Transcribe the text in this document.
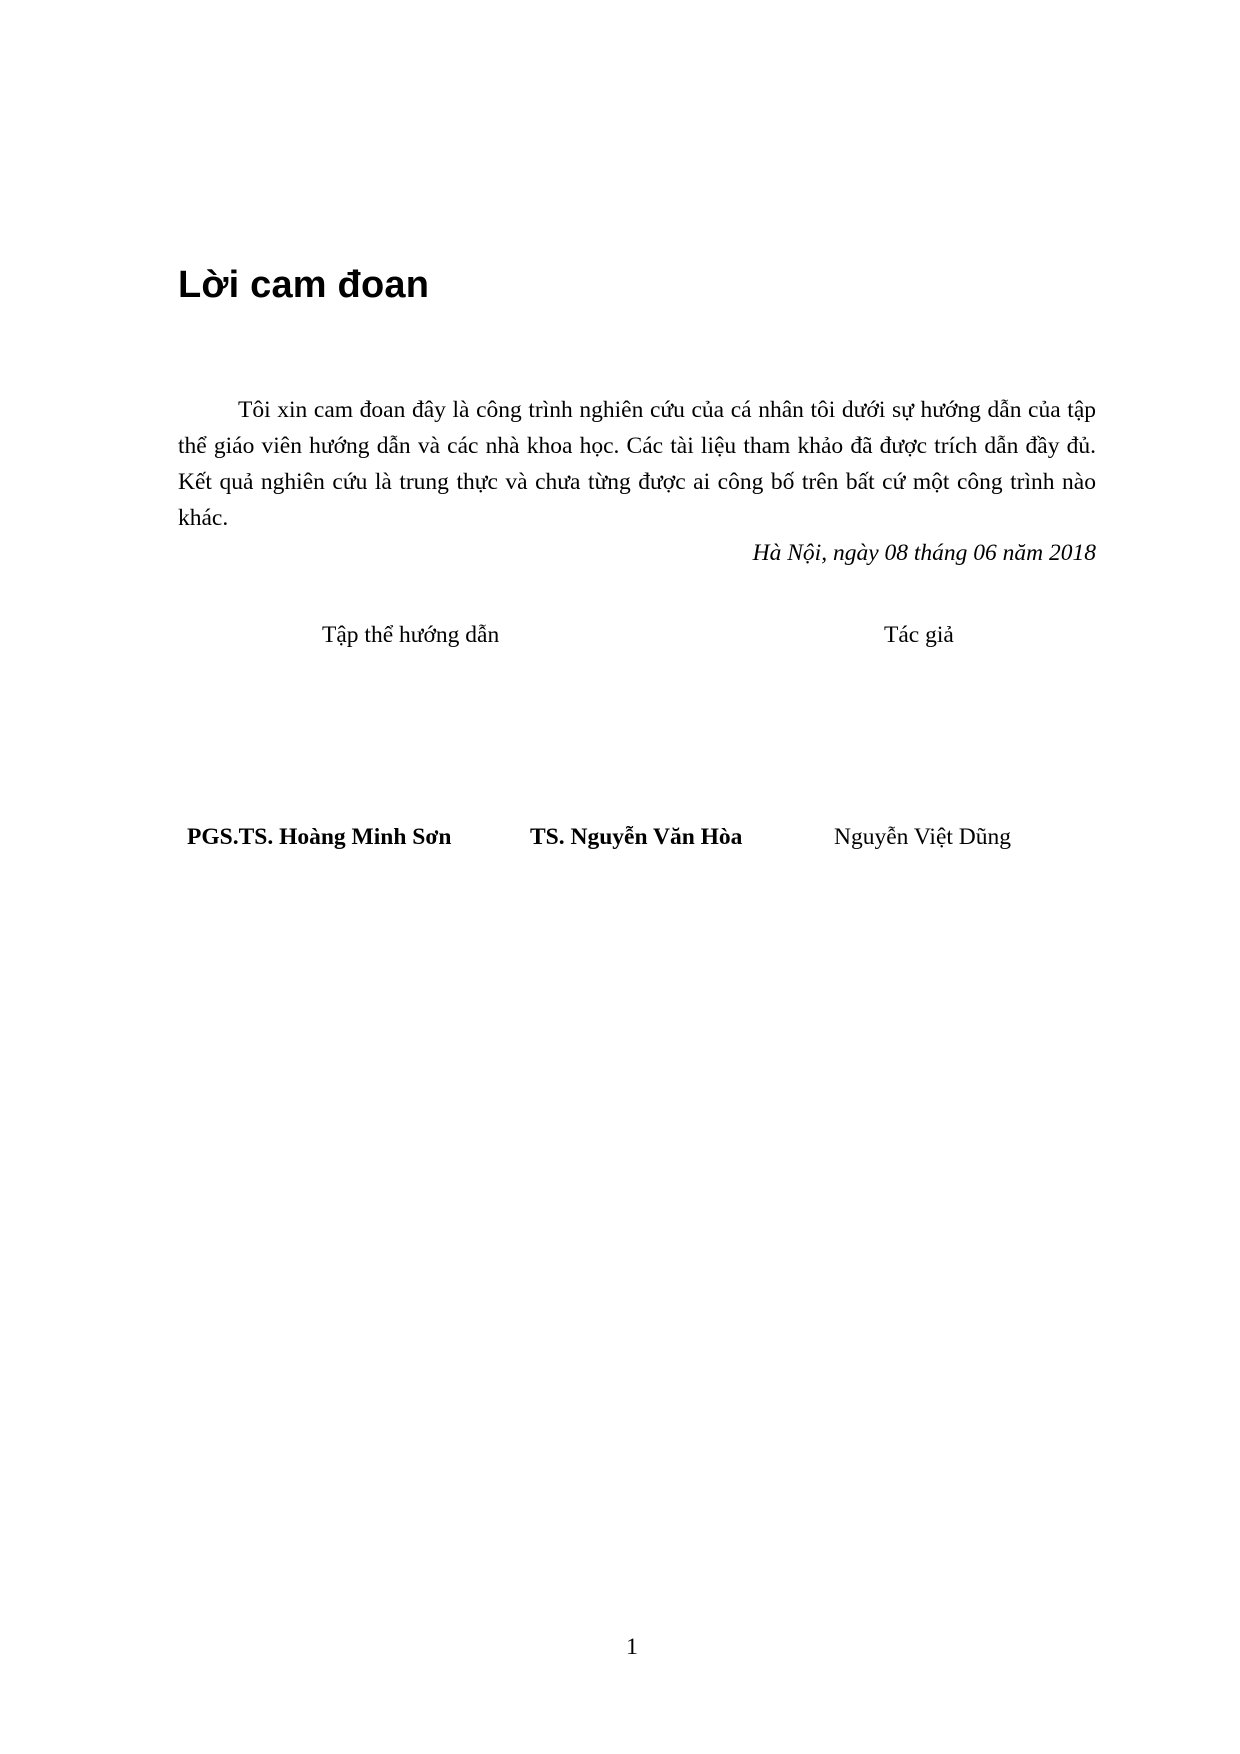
Lời cam đoan

Tôi xin cam đoan đây là công trình nghiên cứu của cá nhân tôi dưới sự hướng dẫn của tập thể giáo viên hướng dẫn và các nhà khoa học. Các tài liệu tham khảo đã được trích dẫn đầy đủ. Kết quả nghiên cứu là trung thực và chưa từng được ai công bố trên bất cứ một công trình nào khác.

Hà Nội, ngày 08 tháng 06 năm 2018

Tập thể hướng dẫn	Tác giả

PGS.TS. Hoàng Minh Sơn	TS. Nguyễn Văn Hòa	Nguyễn Việt Dũng

1
